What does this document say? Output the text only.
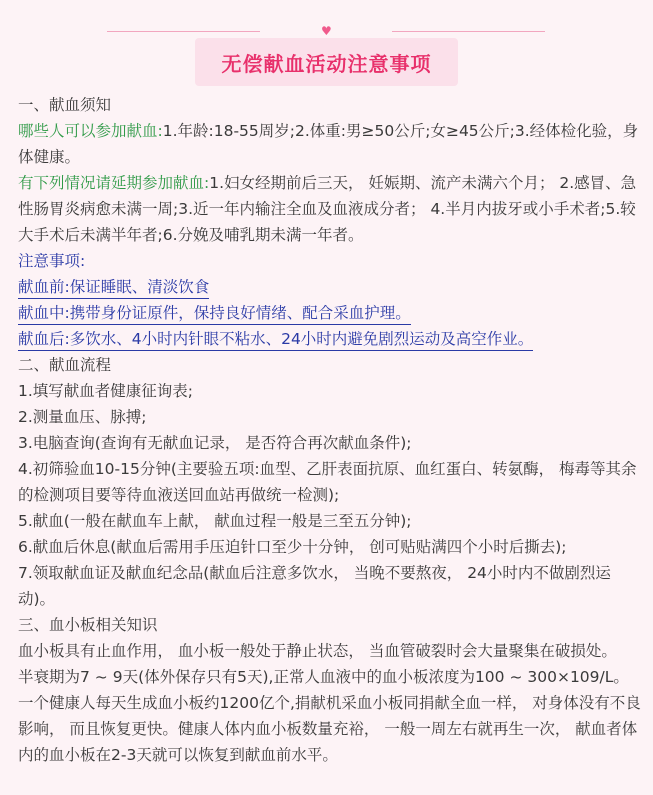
♥
无偿献血活动注意事项

一、献血须知

哪些人可以参加献血:1.年龄:18-55周岁;2.体重:男≥50公斤;女≥45公斤;3.经体检化验，身体健康。

有下列情况请延期参加献血:1.妇女经期前后三天， 妊娠期、流产未满六个月； 2.感冒、急性肠胃炎病愈未满一周;3.近一年内输注全血及血液成分者； 4.半月内拔牙或小手术者;5.较大手术后未满半年者;6.分娩及哺乳期未满一年者。

注意事项:

献血前:保证睡眠、清淡饮食

献血中:携带身份证原件，保持良好情绪、配合采血护理。

献血后:多饮水、4小时内针眼不粘水、24小时内避免剧烈运动及高空作业。

二、献血流程

1.填写献血者健康征询表;

2.测量血压、脉搏;

3.电脑查询(查询有无献血记录， 是否符合再次献血条件);

4.初筛验血10-15分钟(主要验五项:血型、乙肝表面抗原、血红蛋白、转氨酶， 梅毒等其余的检测项目要等待血液送回血站再做统一检测);

5.献血(一般在献血车上献， 献血过程一般是三至五分钟);

6.献血后休息(献血后需用手压迫针口至少十分钟， 创可贴贴满四个小时后撕去);

7.领取献血证及献血纪念品(献血后注意多饮水， 当晚不要熬夜， 24小时内不做剧烈运动)。

三、血小板相关知识

血小板具有止血作用， 血小板一般处于静止状态， 当血管破裂时会大量聚集在破损处。

半衰期为7 ~ 9天(体外保存只有5天),正常人血液中的血小板浓度为100 ~ 300×109/L。一个健康人每天生成血小板约1200亿个,捐献机采血小板同捐献全血一样， 对身体没有不良影响， 而且恢复更快。健康人体内血小板数量充裕， 一般一周左右就再生一次， 献血者体内的血小板在2-3天就可以恢复到献血前水平。
